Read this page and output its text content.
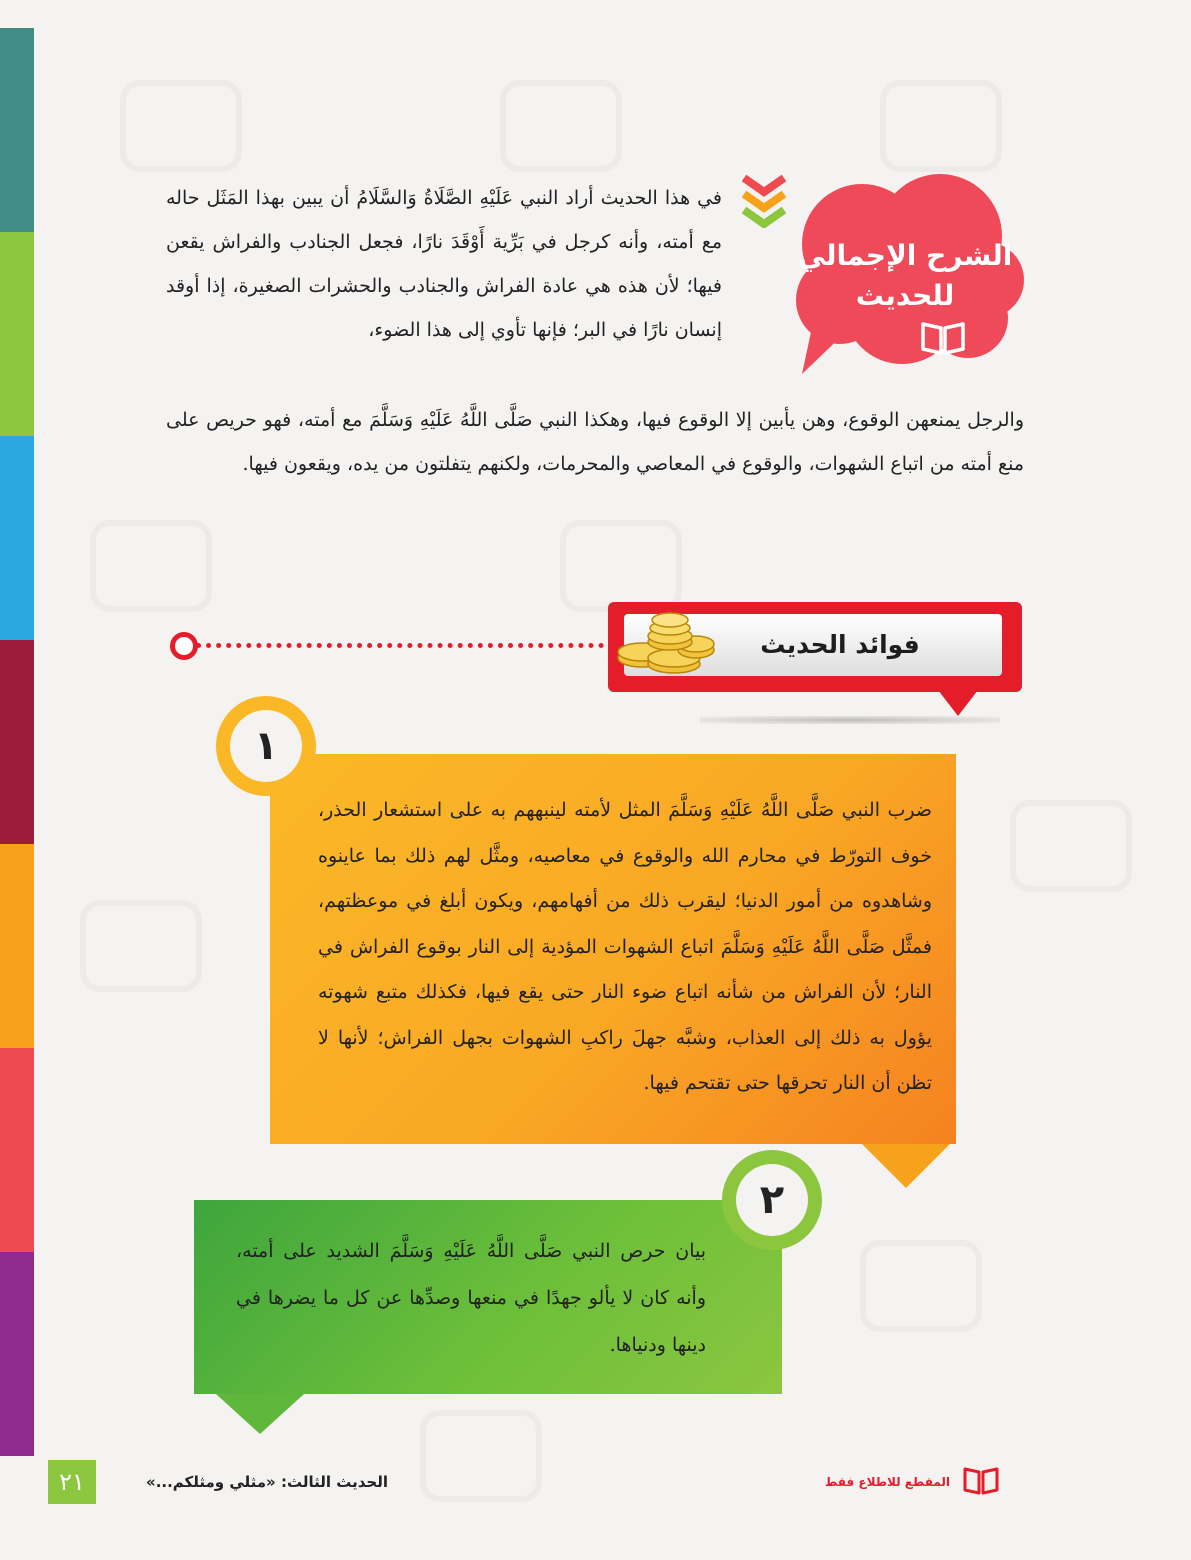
الشرح الإجمالي
للحديث
في هذا الحديث أراد النبي عَلَيْهِ الصَّلَاةُ وَالسَّلَامُ أن يبين بهذا المَثَل حاله مع أمته، وأنه كرجل في بَرِّية أَوْقَدَ نارًا، فجعل الجنادب والفراش يقعن فيها؛ لأن هذه هي عادة الفراش والجنادب والحشرات الصغيرة، إذا أوقد إنسان نارًا في البر؛ فإنها تأوي إلى هذا الضوء،
والرجل يمنعهن الوقوع، وهن يأبين إلا الوقوع فيها، وهكذا النبي صَلَّى اللَّهُ عَلَيْهِ وَسَلَّمَ مع أمته، فهو حريص على منع أمته من اتباع الشهوات، والوقوع في المعاصي والمحرمات، ولكنهم يتفلتون من يده، ويقعون فيها.
فوائد الحديث
١
ضرب النبي صَلَّى اللَّهُ عَلَيْهِ وَسَلَّمَ المثل لأمته لينبههم به على استشعار الحذر، خوف التورّط في محارم الله والوقوع في معاصيه، ومثَّل لهم ذلك بما عاينوه وشاهدوه من أمور الدنيا؛ ليقرب ذلك من أفهامهم، ويكون أبلغ في موعظتهم، فمثَّل صَلَّى اللَّهُ عَلَيْهِ وَسَلَّمَ اتباع الشهوات المؤدية إلى النار بوقوع الفراش في النار؛ لأن الفراش من شأنه اتباع ضوء النار حتى يقع فيها، فكذلك متبع شهوته يؤول به ذلك إلى العذاب، وشبَّه جهلَ راكبِ الشهوات بجهل الفراش؛ لأنها لا تظن أن النار تحرقها حتى تقتحم فيها.
٢
بيان حرص النبي صَلَّى اللَّهُ عَلَيْهِ وَسَلَّمَ الشديد على أمته، وأنه كان لا يألو جهدًا في منعها وصدِّها عن كل ما يضرها في دينها ودنياها.
٢١	الحديث الثالث: «مثلي ومثلكم...»	المقطع للاطلاع فقط
